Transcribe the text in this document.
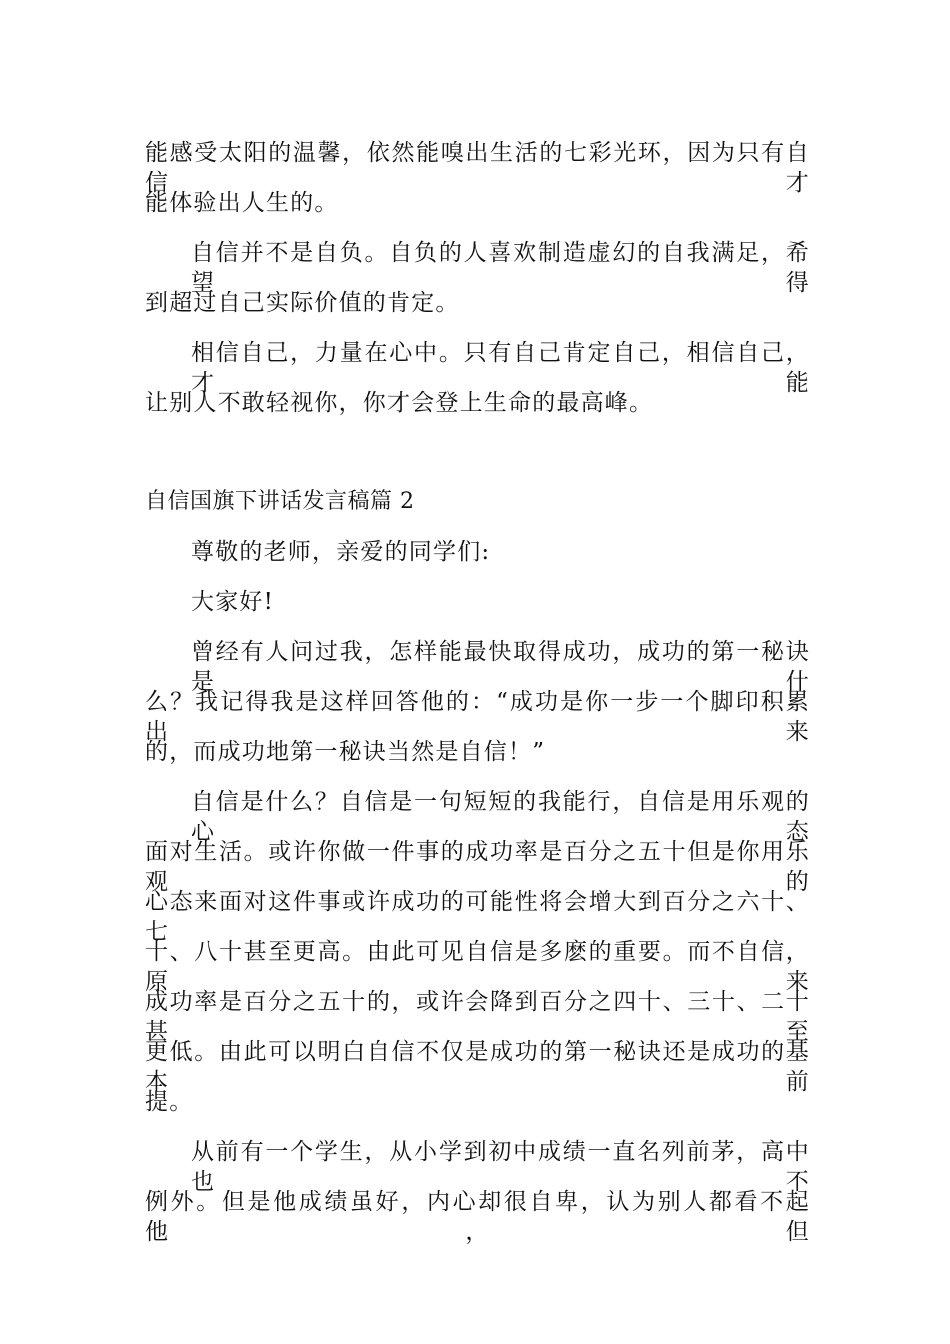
能感受太阳的温馨，依然能嗅出生活的七彩光环，因为只有自信才
能体验出人生的。
自信并不是自负。自负的人喜欢制造虚幻的自我满足，希望得
到超过自己实际价值的肯定。
相信自己，力量在心中。只有自己肯定自己，相信自己，才能
让别人不敢轻视你，你才会登上生命的最高峰。
自信国旗下讲话发言稿篇 2
尊敬的老师，亲爱的同学们:
大家好!
曾经有人问过我，怎样能最快取得成功，成功的第一秘诀是什
么？我记得我是这样回答他的：“成功是你一步一个脚印积累出来
的，而成功地第一秘诀当然是自信！”
自信是什么？自信是一句短短的我能行，自信是用乐观的心态
面对生活。或许你做一件事的成功率是百分之五十但是你用乐观的
心态来面对这件事或许成功的可能性将会增大到百分之六十、七
十、八十甚至更高。由此可见自信是多麽的重要。而不自信，原来
成功率是百分之五十的，或许会降到百分之四十、三十、二十甚至
更低。由此可以明白自信不仅是成功的第一秘诀还是成功的基本前
提。
从前有一个学生，从小学到初中成绩一直名列前茅，高中也不
例外。但是他成绩虽好，内心却很自卑，认为别人都看不起他，但
